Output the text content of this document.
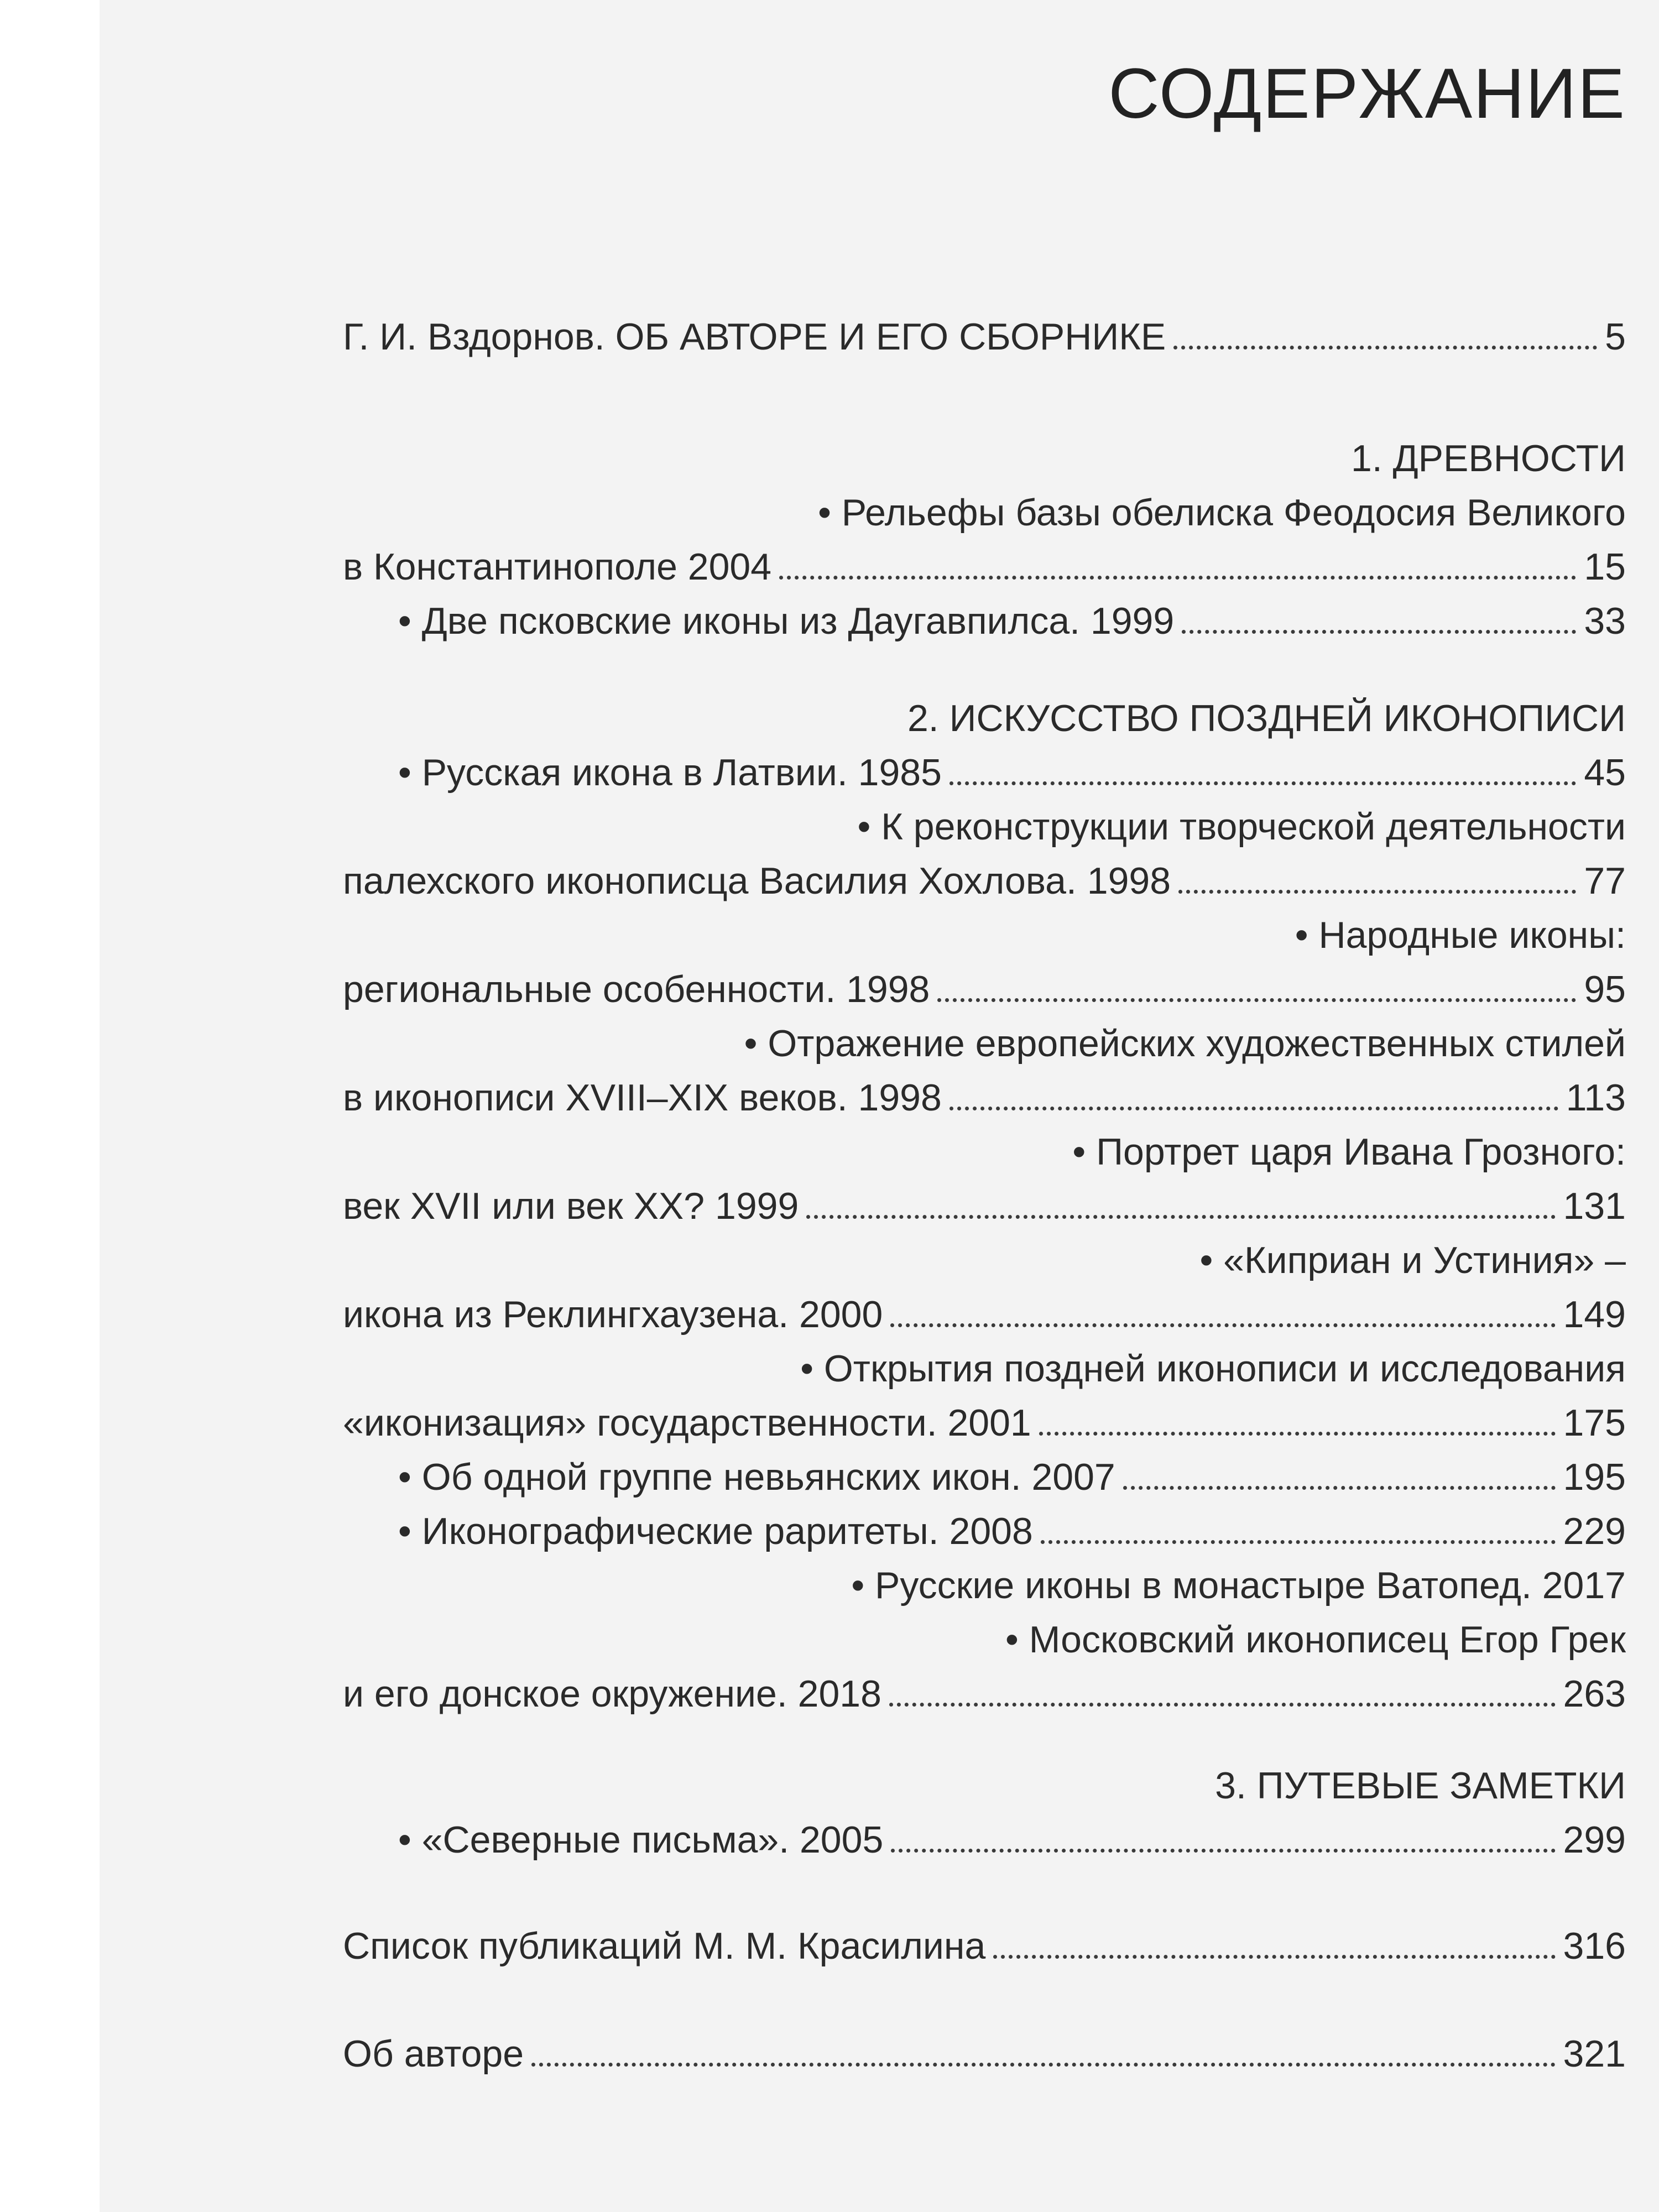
СОДЕРЖАНИЕ
Г. И. Вздорнов. ОБ АВТОРЕ И ЕГО СБОРНИКЕ	5
1. ДРЕВНОСТИ
• Рельефы базы обелиска Феодосия Великого
в Константинополе 2004	15
• Две псковские иконы из Даугавпилса. 1999	33
2. ИСКУССТВО ПОЗДНЕЙ ИКОНОПИСИ
• Русская икона в Латвии. 1985	45
• К реконструкции творческой деятельности
палехского иконописца Василия Хохлова. 1998	77
• Народные иконы:
региональные особенности. 1998	95
• Отражение европейских художественных стилей
в иконописи XVIII–XIX веков. 1998	113
• Портрет царя Ивана Грозного:
век XVII или век XX? 1999	131
• «Киприан и Устиния» –
икона из Реклингхаузена. 2000	149
• Открытия поздней иконописи и исследования
«иконизация» государственности. 2001	175
• Об одной группе невьянских икон. 2007	195
• Иконографические раритеты. 2008	229
• Русские иконы в монастыре Ватопед. 2017
• Московский иконописец Егор Грек
и его донское окружение. 2018	263
3. ПУТЕВЫЕ ЗАМЕТКИ
• «Северные письма». 2005	299
Список публикаций М. М. Красилина	316
Об авторе	321
